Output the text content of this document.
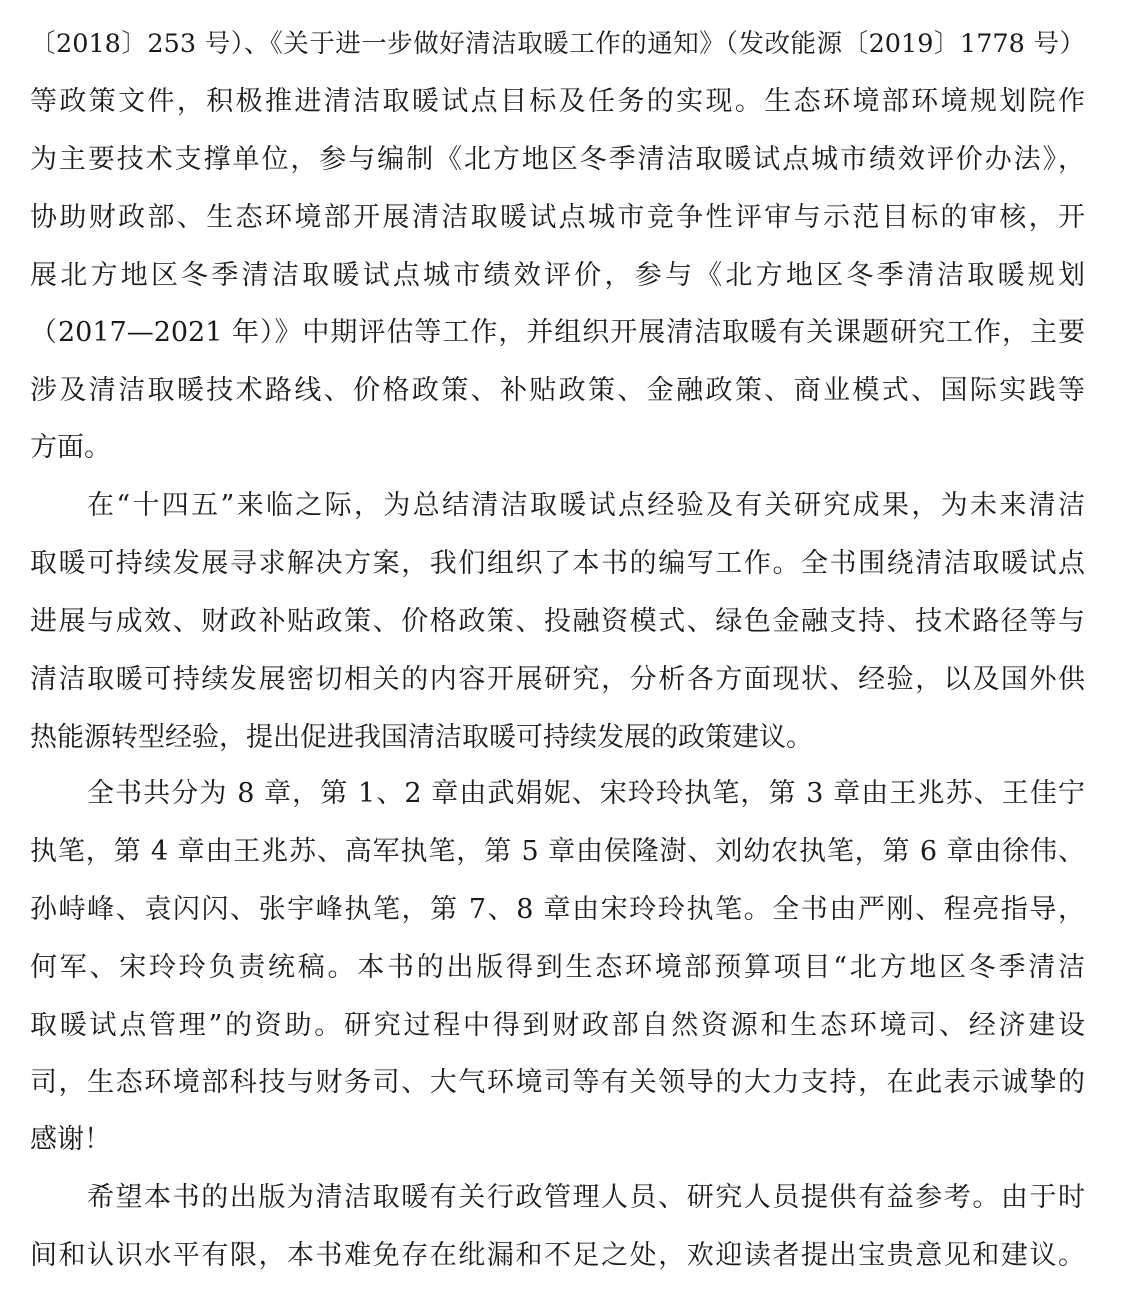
〔2018〕253 号）、《关于进一步做好清洁取暖工作的通知》（发改能源〔2019〕1778 号）
等政策文件，积极推进清洁取暖试点目标及任务的实现。生态环境部环境规划院作
为主要技术支撑单位，参与编制《北方地区冬季清洁取暖试点城市绩效评价办法》，
协助财政部、生态环境部开展清洁取暖试点城市竞争性评审与示范目标的审核，开
展北方地区冬季清洁取暖试点城市绩效评价，参与《北方地区冬季清洁取暖规划
（2017—2021 年）》中期评估等工作，并组织开展清洁取暖有关课题研究工作，主要
涉及清洁取暖技术路线、价格政策、补贴政策、金融政策、商业模式、国际实践等
方面。
在“十四五”来临之际，为总结清洁取暖试点经验及有关研究成果，为未来清洁
取暖可持续发展寻求解决方案，我们组织了本书的编写工作。全书围绕清洁取暖试点
进展与成效、财政补贴政策、价格政策、投融资模式、绿色金融支持、技术路径等与
清洁取暖可持续发展密切相关的内容开展研究，分析各方面现状、经验，以及国外供
热能源转型经验，提出促进我国清洁取暖可持续发展的政策建议。
全书共分为 8 章，第 1、2 章由武娟妮、宋玲玲执笔，第 3 章由王兆苏、王佳宁
执笔，第 4 章由王兆苏、高军执笔，第 5 章由侯隆澍、刘幼农执笔，第 6 章由徐伟、
孙峙峰、袁闪闪、张宇峰执笔，第 7、8 章由宋玲玲执笔。全书由严刚、程亮指导，
何军、宋玲玲负责统稿。本书的出版得到生态环境部预算项目“北方地区冬季清洁
取暖试点管理”的资助。研究过程中得到财政部自然资源和生态环境司、经济建设
司，生态环境部科技与财务司、大气环境司等有关领导的大力支持，在此表示诚挚的
感谢！
希望本书的出版为清洁取暖有关行政管理人员、研究人员提供有益参考。由于时
间和认识水平有限，本书难免存在纰漏和不足之处，欢迎读者提出宝贵意见和建议。
